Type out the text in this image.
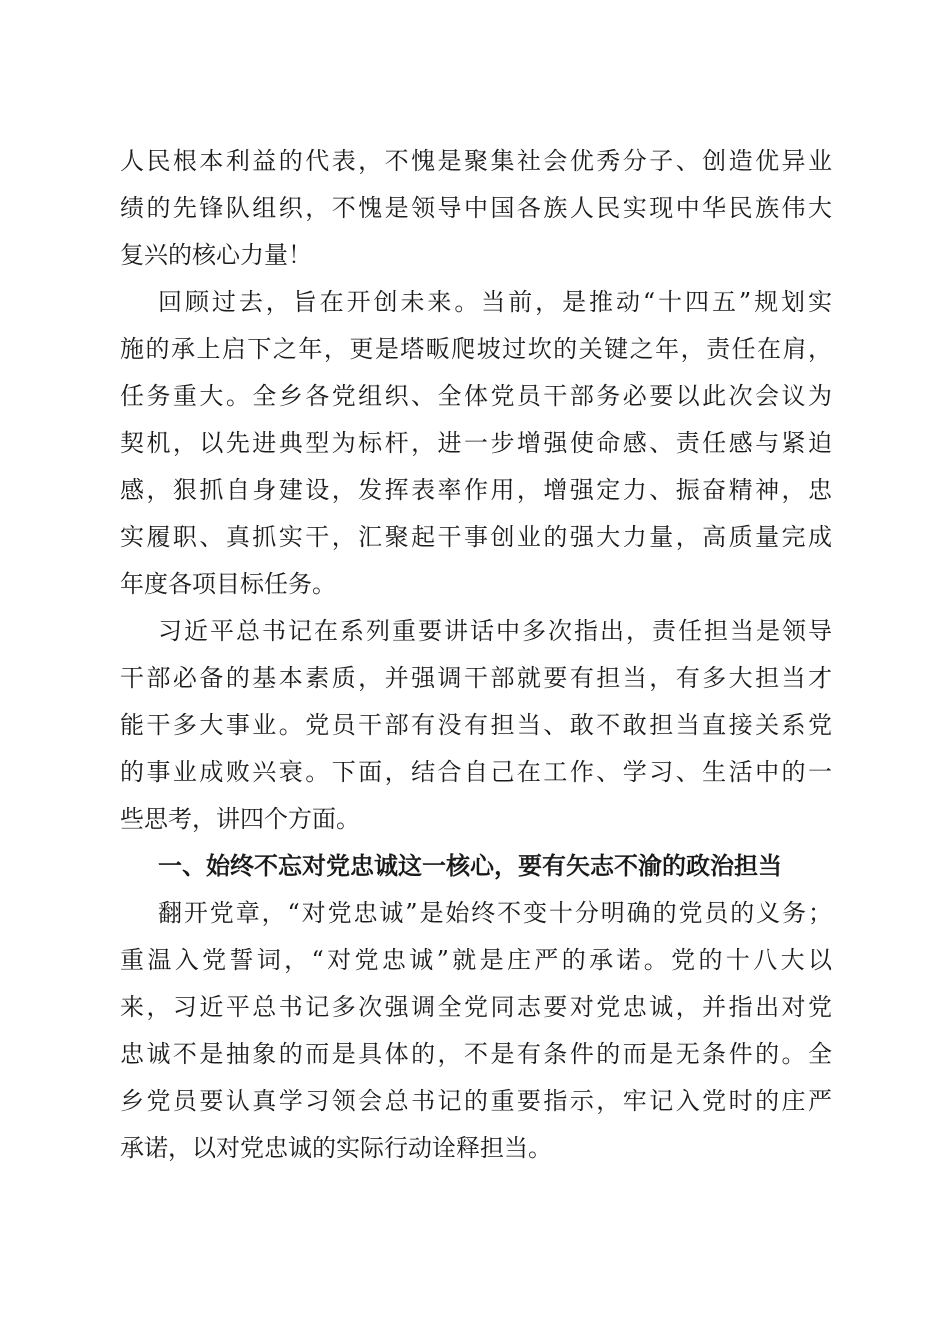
人民根本利益的代表，不愧是聚集社会优秀分子、创造优异业
绩的先锋队组织，不愧是领导中国各族人民实现中华民族伟大
复兴的核心力量！
回顾过去，旨在开创未来。当前，是推动“十四五”规划实
施的承上启下之年，更是塔畈爬坡过坎的关键之年，责任在肩，
任务重大。全乡各党组织、全体党员干部务必要以此次会议为
契机，以先进典型为标杆，进一步增强使命感、责任感与紧迫
感，狠抓自身建设，发挥表率作用，增强定力、振奋精神，忠
实履职、真抓实干，汇聚起干事创业的强大力量，高质量完成
年度各项目标任务。
习近平总书记在系列重要讲话中多次指出，责任担当是领导
干部必备的基本素质，并强调干部就要有担当，有多大担当才
能干多大事业。党员干部有没有担当、敢不敢担当直接关系党
的事业成败兴衰。下面，结合自己在工作、学习、生活中的一
些思考，讲四个方面。
一、始终不忘对党忠诚这一核心，要有矢志不渝的政治担当
翻开党章，“对党忠诚”是始终不变十分明确的党员的义务；
重温入党誓词，“对党忠诚”就是庄严的承诺。党的十八大以
来，习近平总书记多次强调全党同志要对党忠诚，并指出对党
忠诚不是抽象的而是具体的，不是有条件的而是无条件的。全
乡党员要认真学习领会总书记的重要指示，牢记入党时的庄严
承诺，以对党忠诚的实际行动诠释担当。
